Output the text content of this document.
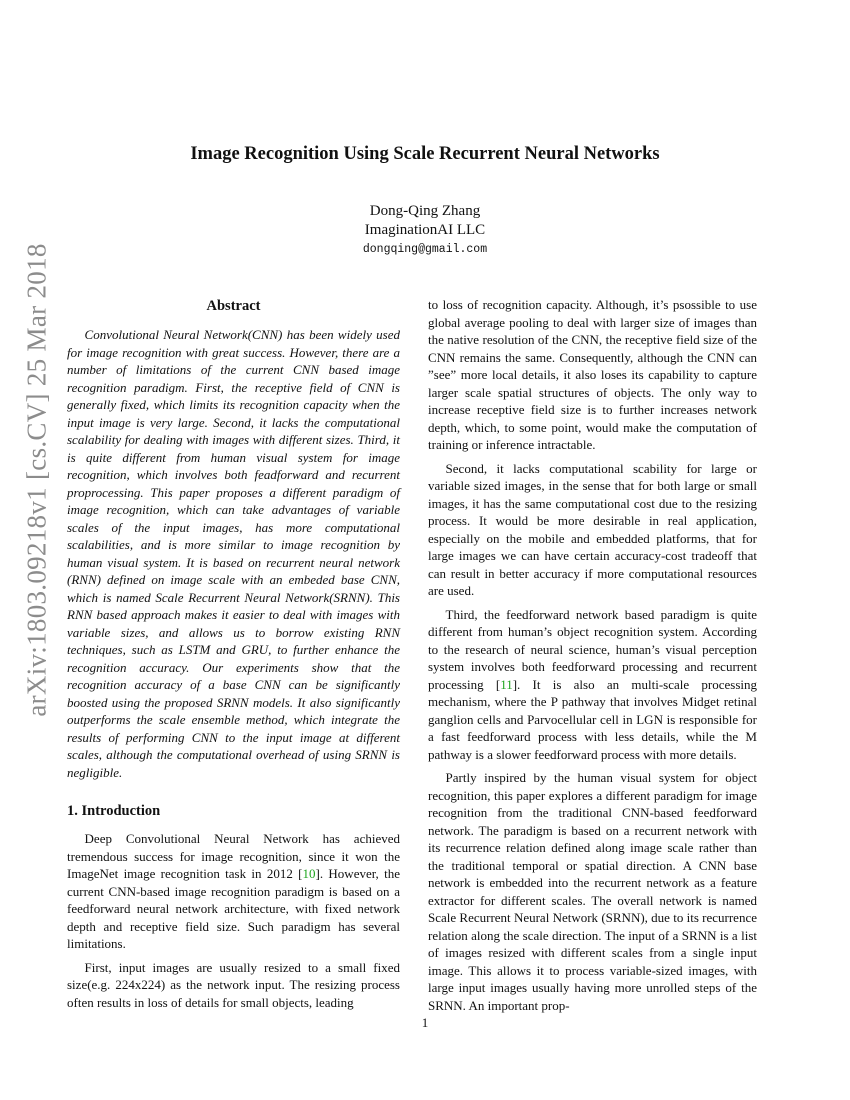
arXiv:1803.09218v1 [cs.CV] 25 Mar 2018
Image Recognition Using Scale Recurrent Neural Networks
Dong-Qing Zhang
ImaginationAI LLC
dongqing@gmail.com
Abstract

Convolutional Neural Network(CNN) has been widely used for image recognition with great success. However, there are a number of limitations of the current CNN based image recognition paradigm. First, the receptive field of CNN is generally fixed, which limits its recognition capacity when the input image is very large. Second, it lacks the computational scalability for dealing with images with different sizes. Third, it is quite different from human visual system for image recognition, which involves both feadforward and recurrent proprocessing. This paper proposes a different paradigm of image recognition, which can take advantages of variable scales of the input images, has more computational scalabilities, and is more similar to image recognition by human visual system. It is based on recurrent neural network (RNN) defined on image scale with an embeded base CNN, which is named Scale Recurrent Neural Network(SRNN). This RNN based approach makes it easier to deal with images with variable sizes, and allows us to borrow existing RNN techniques, such as LSTM and GRU, to further enhance the recognition accuracy. Our experiments show that the recognition accuracy of a base CNN can be significantly boosted using the proposed SRNN models. It also significantly outperforms the scale ensemble method, which integrate the results of performing CNN to the input image at different scales, although the computational overhead of using SRNN is negligible.

1. Introduction

Deep Convolutional Neural Network has achieved tremendous success for image recognition, since it won the ImageNet image recognition task in 2012 [10]. However, the current CNN-based image recognition paradigm is based on a feedforward neural network architecture, with fixed network depth and receptive field size. Such paradigm has several limitations.

First, input images are usually resized to a small fixed size(e.g. 224x224) as the network input. The resizing process often results in loss of details for small objects, leading

to loss of recognition capacity. Although, it’s psossible to use global average pooling to deal with larger size of images than the native resolution of the CNN, the receptive field size of the CNN remains the same. Consequently, although the CNN can ”see” more local details, it also loses its capability to capture larger scale spatial structures of objects. The only way to increase receptive field size is to further increases network depth, which, to some point, would make the computation of training or inference intractable.

Second, it lacks computational scability for large or variable sized images, in the sense that for both large or small images, it has the same computational cost due to the resizing process. It would be more desirable in real application, especially on the mobile and embedded platforms, that for large images we can have certain accuracy-cost tradeoff that can result in better accuracy if more computational resources are used.

Third, the feedforward network based paradigm is quite different from human’s object recognition system. According to the research of neural science, human’s visual perception system involves both feedforward processing and recurrent processing [11]. It is also an multi-scale processing mechanism, where the P pathway that involves Midget retinal ganglion cells and Parvocellular cell in LGN is responsible for a fast feedforward process with less details, while the M pathway is a slower feedforward process with more details.

Partly inspired by the human visual system for object recognition, this paper explores a different paradigm for image recognition from the traditional CNN-based feedforward network. The paradigm is based on a recurrent network with its recurrence relation defined along image scale rather than the traditional temporal or spatial direction. A CNN base network is embedded into the recurrent network as a feature extractor for different scales. The overall network is named Scale Recurrent Neural Network (SRNN), due to its recurrence relation along the scale direction. The input of a SRNN is a list of images resized with different scales from a single input image. This allows it to process variable-sized images, with large input images usually having more unrolled steps of the SRNN. An important prop-

1
